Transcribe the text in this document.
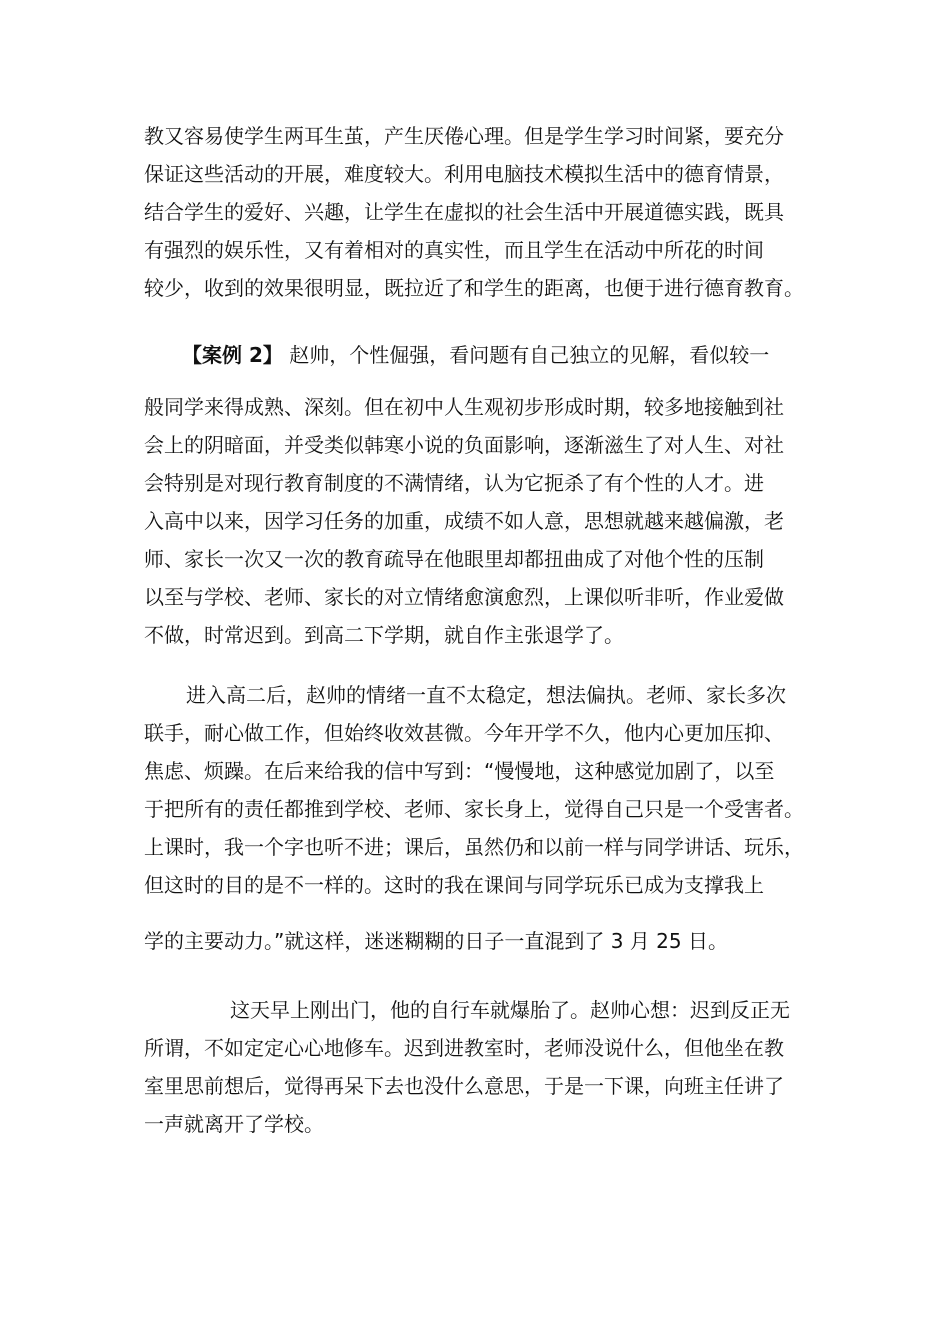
教又容易使学生两耳生茧，产生厌倦心理。但是学生学习时间紧，要充分
保证这些活动的开展，难度较大。利用电脑技术模拟生活中的德育情景，
结合学生的爱好、兴趣，让学生在虚拟的社会生活中开展道德实践，既具
有强烈的娱乐性，又有着相对的真实性，而且学生在活动中所花的时间
较少，收到的效果很明显，既拉近了和学生的距离，也便于进行德育教育。
【案例 2】 赵帅，个性倔强，看问题有自己独立的见解，看似较一
般同学来得成熟、深刻。但在初中人生观初步形成时期，较多地接触到社
会上的阴暗面，并受类似韩寒小说的负面影响，逐渐滋生了对人生、对社
会特别是对现行教育制度的不满情绪，认为它扼杀了有个性的人才。进
入高中以来，因学习任务的加重，成绩不如人意，思想就越来越偏激，老
师、家长一次又一次的教育疏导在他眼里却都扭曲成了对他个性的压制
以至与学校、老师、家长的对立情绪愈演愈烈，上课似听非听，作业爱做
不做，时常迟到。到高二下学期，就自作主张退学了。
进入高二后，赵帅的情绪一直不太稳定，想法偏执。老师、家长多次
联手，耐心做工作，但始终收效甚微。今年开学不久，他内心更加压抑、
焦虑、烦躁。在后来给我的信中写到：“慢慢地，这种感觉加剧了，以至
于把所有的责任都推到学校、老师、家长身上，觉得自己只是一个受害者。
上课时，我一个字也听不进；课后，虽然仍和以前一样与同学讲话、玩乐，
但这时的目的是不一样的。这时的我在课间与同学玩乐已成为支撑我上
学的主要动力。”就这样，迷迷糊糊的日子一直混到了 3 月 25 日。
这天早上刚出门，他的自行车就爆胎了。赵帅心想：迟到反正无
所谓，不如定定心心地修车。迟到进教室时，老师没说什么，但他坐在教
室里思前想后，觉得再呆下去也没什么意思，于是一下课，向班主任讲了
一声就离开了学校。
